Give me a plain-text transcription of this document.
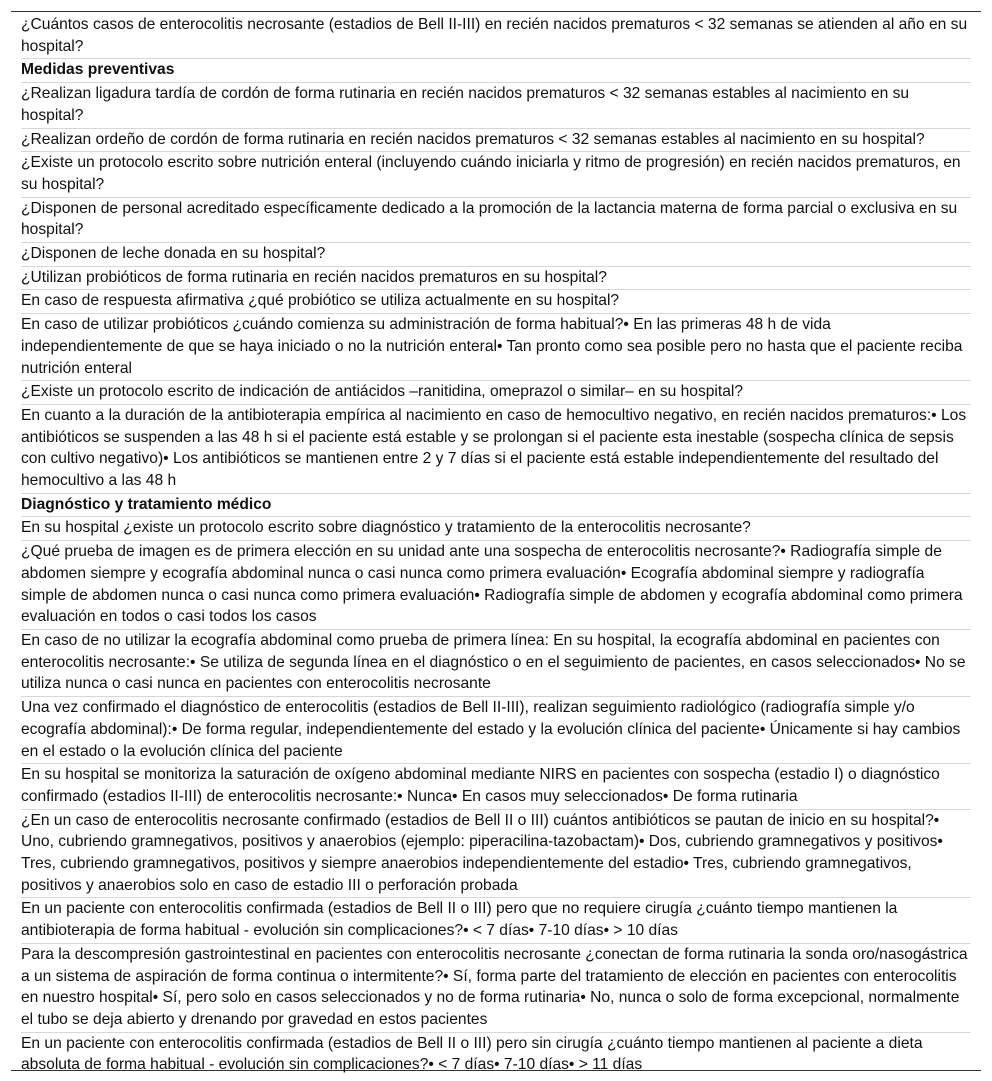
¿Cuántos casos de enterocolitis necrosante (estadios de Bell II-III) en recién nacidos prematuros < 32 semanas se atienden al año en su hospital?
Medidas preventivas
¿Realizan ligadura tardía de cordón de forma rutinaria en recién nacidos prematuros < 32 semanas estables al nacimiento en su hospital?
¿Realizan ordeño de cordón de forma rutinaria en recién nacidos prematuros < 32 semanas estables al nacimiento en su hospital?
¿Existe un protocolo escrito sobre nutrición enteral (incluyendo cuándo iniciarla y ritmo de progresión) en recién nacidos prematuros, en su hospital?
¿Disponen de personal acreditado específicamente dedicado a la promoción de la lactancia materna de forma parcial o exclusiva en su hospital?
¿Disponen de leche donada en su hospital?
¿Utilizan probióticos de forma rutinaria en recién nacidos prematuros en su hospital?
En caso de respuesta afirmativa ¿qué probiótico se utiliza actualmente en su hospital?
En caso de utilizar probióticos ¿cuándo comienza su administración de forma habitual?• En las primeras 48 h de vida independientemente de que se haya iniciado o no la nutrición enteral• Tan pronto como sea posible pero no hasta que el paciente reciba nutrición enteral
¿Existe un protocolo escrito de indicación de antiácidos –ranitidina, omeprazol o similar– en su hospital?
En cuanto a la duración de la antibioterapia empírica al nacimiento en caso de hemocultivo negativo, en recién nacidos prematuros:• Los antibióticos se suspenden a las 48 h si el paciente está estable y se prolongan si el paciente esta inestable (sospecha clínica de sepsis con cultivo negativo)• Los antibióticos se mantienen entre 2 y 7 días si el paciente está estable independientemente del resultado del hemocultivo a las 48 h
Diagnóstico y tratamiento médico
En su hospital ¿existe un protocolo escrito sobre diagnóstico y tratamiento de la enterocolitis necrosante?
¿Qué prueba de imagen es de primera elección en su unidad ante una sospecha de enterocolitis necrosante?• Radiografía simple de abdomen siempre y ecografía abdominal nunca o casi nunca como primera evaluación• Ecografía abdominal siempre y radiografía simple de abdomen nunca o casi nunca como primera evaluación• Radiografía simple de abdomen y ecografía abdominal como primera evaluación en todos o casi todos los casos
En caso de no utilizar la ecografía abdominal como prueba de primera línea: En su hospital, la ecografía abdominal en pacientes con enterocolitis necrosante:• Se utiliza de segunda línea en el diagnóstico o en el seguimiento de pacientes, en casos seleccionados• No se utiliza nunca o casi nunca en pacientes con enterocolitis necrosante
Una vez confirmado el diagnóstico de enterocolitis (estadios de Bell II-III), realizan seguimiento radiológico (radiografía simple y/o ecografía abdominal):• De forma regular, independientemente del estado y la evolución clínica del paciente• Únicamente si hay cambios en el estado o la evolución clínica del paciente
En su hospital se monitoriza la saturación de oxígeno abdominal mediante NIRS en pacientes con sospecha (estadio I) o diagnóstico confirmado (estadios II-III) de enterocolitis necrosante:• Nunca• En casos muy seleccionados• De forma rutinaria
¿En un caso de enterocolitis necrosante confirmado (estadios de Bell II o III) cuántos antibióticos se pautan de inicio en su hospital?• Uno, cubriendo gramnegativos, positivos y anaerobios (ejemplo: piperacilina-tazobactam)• Dos, cubriendo gramnegativos y positivos• Tres, cubriendo gramnegativos, positivos y siempre anaerobios independientemente del estadio• Tres, cubriendo gramnegativos, positivos y anaerobios solo en caso de estadio III o perforación probada
En un paciente con enterocolitis confirmada (estadios de Bell II o III) pero que no requiere cirugía ¿cuánto tiempo mantienen la antibioterapia de forma habitual - evolución sin complicaciones?• < 7 días• 7-10 días• > 10 días
Para la descompresión gastrointestinal en pacientes con enterocolitis necrosante ¿conectan de forma rutinaria la sonda oro/nasogástrica a un sistema de aspiración de forma continua o intermitente?• Sí, forma parte del tratamiento de elección en pacientes con enterocolitis en nuestro hospital• Sí, pero solo en casos seleccionados y no de forma rutinaria• No, nunca o solo de forma excepcional, normalmente el tubo se deja abierto y drenando por gravedad en estos pacientes
En un paciente con enterocolitis confirmada (estadios de Bell II o III) pero sin cirugía ¿cuánto tiempo mantienen al paciente a dieta absoluta de forma habitual - evolución sin complicaciones?• < 7 días• 7-10 días• > 11 días
